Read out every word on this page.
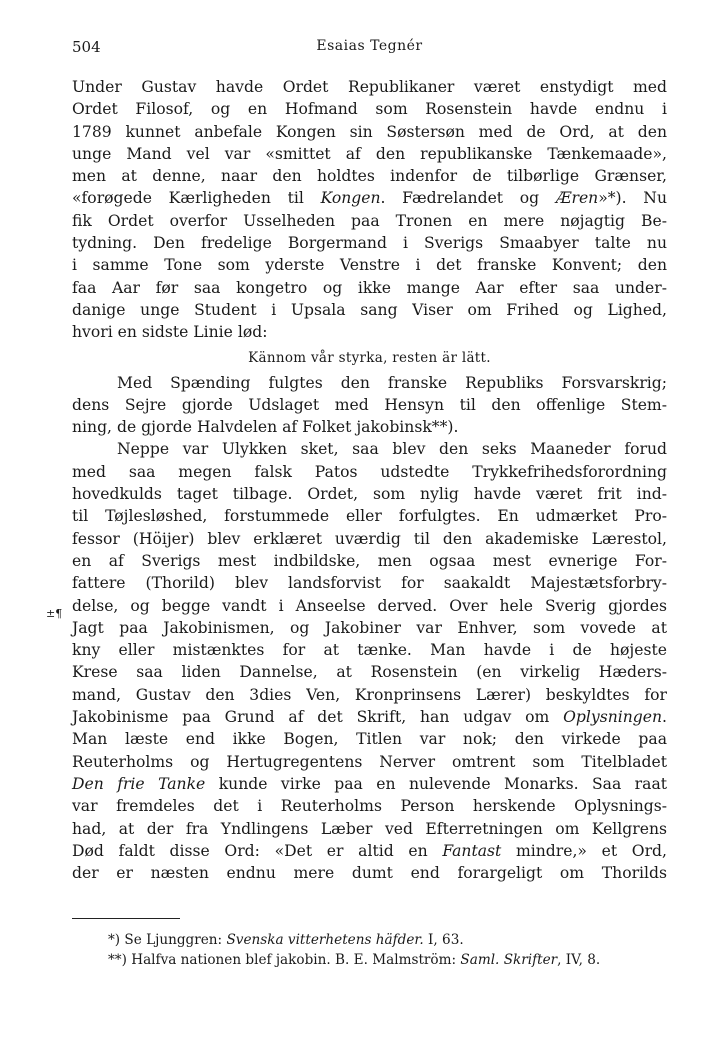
504	Esaias Tegnér
±¶
Under Gustav havde Ordet Republikaner været enstydigt med
Ordet Filosof, og en Hofmand som Rosenstein havde endnu i
1789 kunnet anbefale Kongen sin Søstersøn med de Ord, at den
unge Mand vel var «smittet af den republikanske Tænkemaade»,
men at denne, naar den holdtes indenfor de tilbørlige Grænser,
«forøgede Kærligheden til Kongen. Fædrelandet og Æren»*). Nu
fik Ordet overfor Usselheden paa Tronen en mere nøjagtig Be-
tydning. Den fredelige Borgermand i Sverigs Smaabyer talte nu
i samme Tone som yderste Venstre i det franske Konvent; den
faa Aar før saa kongetro og ikke mange Aar efter saa under-
danige unge Student i Upsala sang Viser om Frihed og Lighed,
hvori en sidste Linie lød:
Kännom vår styrka, resten är lätt.
Med Spænding fulgtes den franske Republiks Forsvarskrig;
dens Sejre gjorde Udslaget med Hensyn til den offenlige Stem-
ning, de gjorde Halvdelen af Folket jakobinsk**).
Neppe var Ulykken sket, saa blev den seks Maaneder forud
med saa megen falsk Patos udstedte Trykkefrihedsforordning
hovedkulds taget tilbage. Ordet, som nylig havde været frit ind-
til Tøjlesløshed, forstummede eller forfulgtes. En udmærket Pro-
fessor (Höijer) blev erklæret uværdig til den akademiske Lærestol,
en af Sverigs mest indbildske, men ogsaa mest evnerige For-
fattere (Thorild) blev landsforvist for saakaldt Majestætsforbry-
delse, og begge vandt i Anseelse derved. Over hele Sverig gjordes
Jagt paa Jakobinismen, og Jakobiner var Enhver, som vovede at
kny eller mistænktes for at tænke. Man havde i de højeste
Krese saa liden Dannelse, at Rosenstein (en virkelig Hæders-
mand, Gustav den 3dies Ven, Kronprinsens Lærer) beskyldtes for
Jakobinisme paa Grund af det Skrift, han udgav om Oplysningen.
Man læste end ikke Bogen, Titlen var nok; den virkede paa
Reuterholms og Hertugregentens Nerver omtrent som Titelbladet
Den frie Tanke kunde virke paa en nulevende Monarks. Saa raat
var fremdeles det i Reuterholms Person herskende Oplysnings-
had, at der fra Yndlingens Læber ved Efterretningen om Kellgrens
Død faldt disse Ord: «Det er altid en Fantast mindre,» et Ord,
der er næsten endnu mere dumt end forargeligt om Thorilds
*) Se Ljunggren: Svenska vitterhetens häfder. I, 63.
**) Halfva nationen blef jakobin. B. E. Malmström: Saml. Skrifter, IV, 8.
